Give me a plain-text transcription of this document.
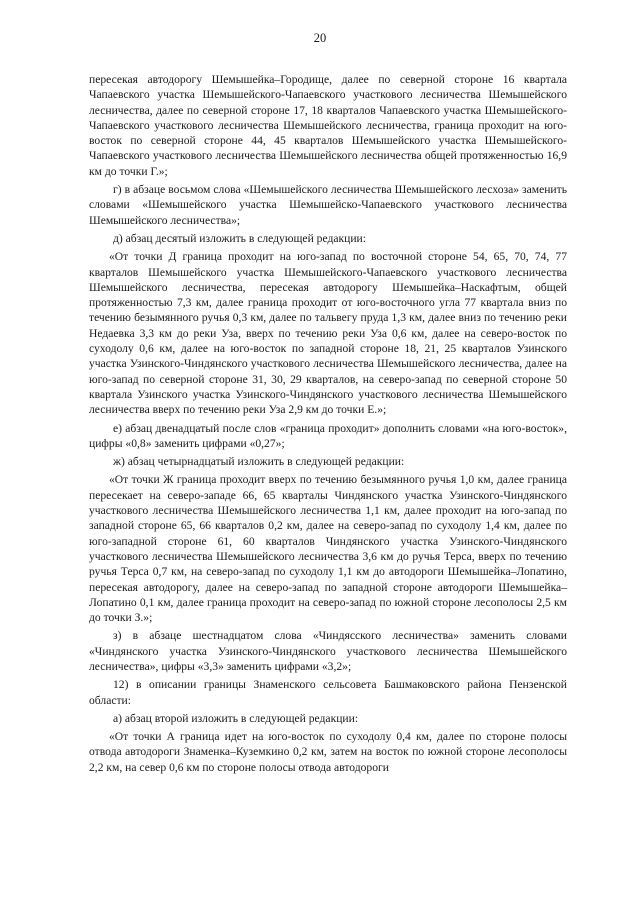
20

пересекая автодорогу Шемышейка–Городище, далее по северной стороне 16 квартала Чапаевского участка Шемышейского-Чапаевского участкового лесничества Шемышейского лесничества, далее по северной стороне 17, 18 кварталов Чапаевского участка Шемышейского-Чапаевского участкового лесничества Шемышейского лесничества, граница проходит на юго-восток по северной стороне 44, 45 кварталов Шемышейского участка Шемышейского-Чапаевского участкового лесничества Шемышейского лесничества общей протяженностью 16,9 км до точки Г.»;

г) в абзаце восьмом слова «Шемышейского лесничества Шемышейского лесхоза» заменить словами «Шемышейского участка Шемышейско-Чапаевского участкового лесничества Шемышейского лесничества»;

д) абзац десятый изложить в следующей редакции:

«От точки Д граница проходит на юго-запад по восточной стороне 54, 65, 70, 74, 77 кварталов Шемышейского участка Шемышейского-Чапаевского участкового лесничества Шемышейского лесничества, пересекая автодорогу Шемышейка–Наскафтым, общей протяженностью 7,3 км, далее граница проходит от юго-восточного угла 77 квартала вниз по течению безымянного ручья 0,3 км, далее по тальвегу пруда 1,3 км, далее вниз по течению реки Недаевка 3,3 км до реки Уза, вверх по течению реки Уза 0,6 км, далее на северо-восток по суходолу 0,6 км, далее на юго-восток по западной стороне 18, 21, 25 кварталов Узинского участка Узинского-Чиндянского участкового лесничества Шемышейского лесничества, далее на юго-запад по северной стороне 31, 30, 29 кварталов, на северо-запад по северной стороне 50 квартала Узинского участка Узинского-Чиндянского участкового лесничества Шемышейского лесничества вверх по течению реки Уза 2,9 км до точки Е.»;

е) абзац двенадцатый после слов «граница проходит» дополнить словами «на юго-восток», цифры «0,8» заменить цифрами «0,27»;

ж) абзац четырнадцатый изложить в следующей редакции:

«От точки Ж граница проходит вверх по течению безымянного ручья 1,0 км, далее граница пересекает на северо-западе 66, 65 кварталы Чиндянского участка Узинского-Чиндянского участкового лесничества Шемышейского лесничества 1,1 км, далее проходит на юго-запад по западной стороне 65, 66 кварталов 0,2 км, далее на северо-запад по суходолу 1,4 км, далее по юго-западной стороне 61, 60 кварталов Чиндянского участка Узинского-Чиндянского участкового лесничества Шемышейского лесничества 3,6 км до ручья Терса, вверх по течению ручья Терса 0,7 км, на северо-запад по суходолу 1,1 км до автодороги Шемышейка–Лопатино, пересекая автодорогу, далее на северо-запад по западной стороне автодороги Шемышейка–Лопатино 0,1 км, далее граница проходит на северо-запад по южной стороне лесополосы 2,5 км до точки З.»;

з) в абзаце шестнадцатом слова «Чиндясского лесничества» заменить словами «Чиндянского участка Узинского-Чиндянского участкового лесничества Шемышейского лесничества», цифры «3,3» заменить цифрами «3,2»;

12) в описании границы Знаменского сельсовета Башмаковского района Пензенской области:

а) абзац второй изложить в следующей редакции:

«От точки А граница идет на юго-восток по суходолу 0,4 км, далее по стороне полосы отвода автодороги Знаменка–Куземкино 0,2 км, затем на восток по южной стороне лесополосы 2,2 км, на север 0,6 км по стороне полосы отвода автодороги
